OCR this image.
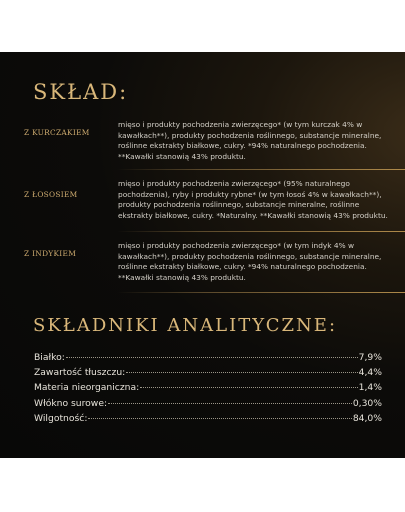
SKŁAD:
Z KURCZAKIEM
mięso i produkty pochodzenia zwierzęcego* (w tym kurczak 4% w kawałkach**), produkty pochodzenia roślinnego, substancje mineralne, roślinne ekstrakty białkowe, cukry. *94% naturalnego pochodzenia. **Kawałki stanowią 43% produktu.
Z ŁOSOSIEM
mięso i produkty pochodzenia zwierzęcego* (95% naturalnego pochodzenia), ryby i produkty rybne* (w tym łosoś 4% w kawałkach**), produkty pochodzenia roślinnego, substancje mineralne, roślinne ekstrakty białkowe, cukry. *Naturalny. **Kawałki stanowią 43% produktu.
Z INDYKIEM
mięso i produkty pochodzenia zwierzęcego* (w tym indyk 4% w kawałkach**), produkty pochodzenia roślinnego, substancje mineralne, roślinne ekstrakty białkowe, cukry. *94% naturalnego pochodzenia. **Kawałki stanowią 43% produktu.
SKŁADNIKI ANALITYCZNE:
Białko:	7,9%
Zawartość tłuszczu:	4,4%
Materia nieorganiczna:	1,4%
Włókno surowe:	0,30%
Wilgotność:	84,0%
